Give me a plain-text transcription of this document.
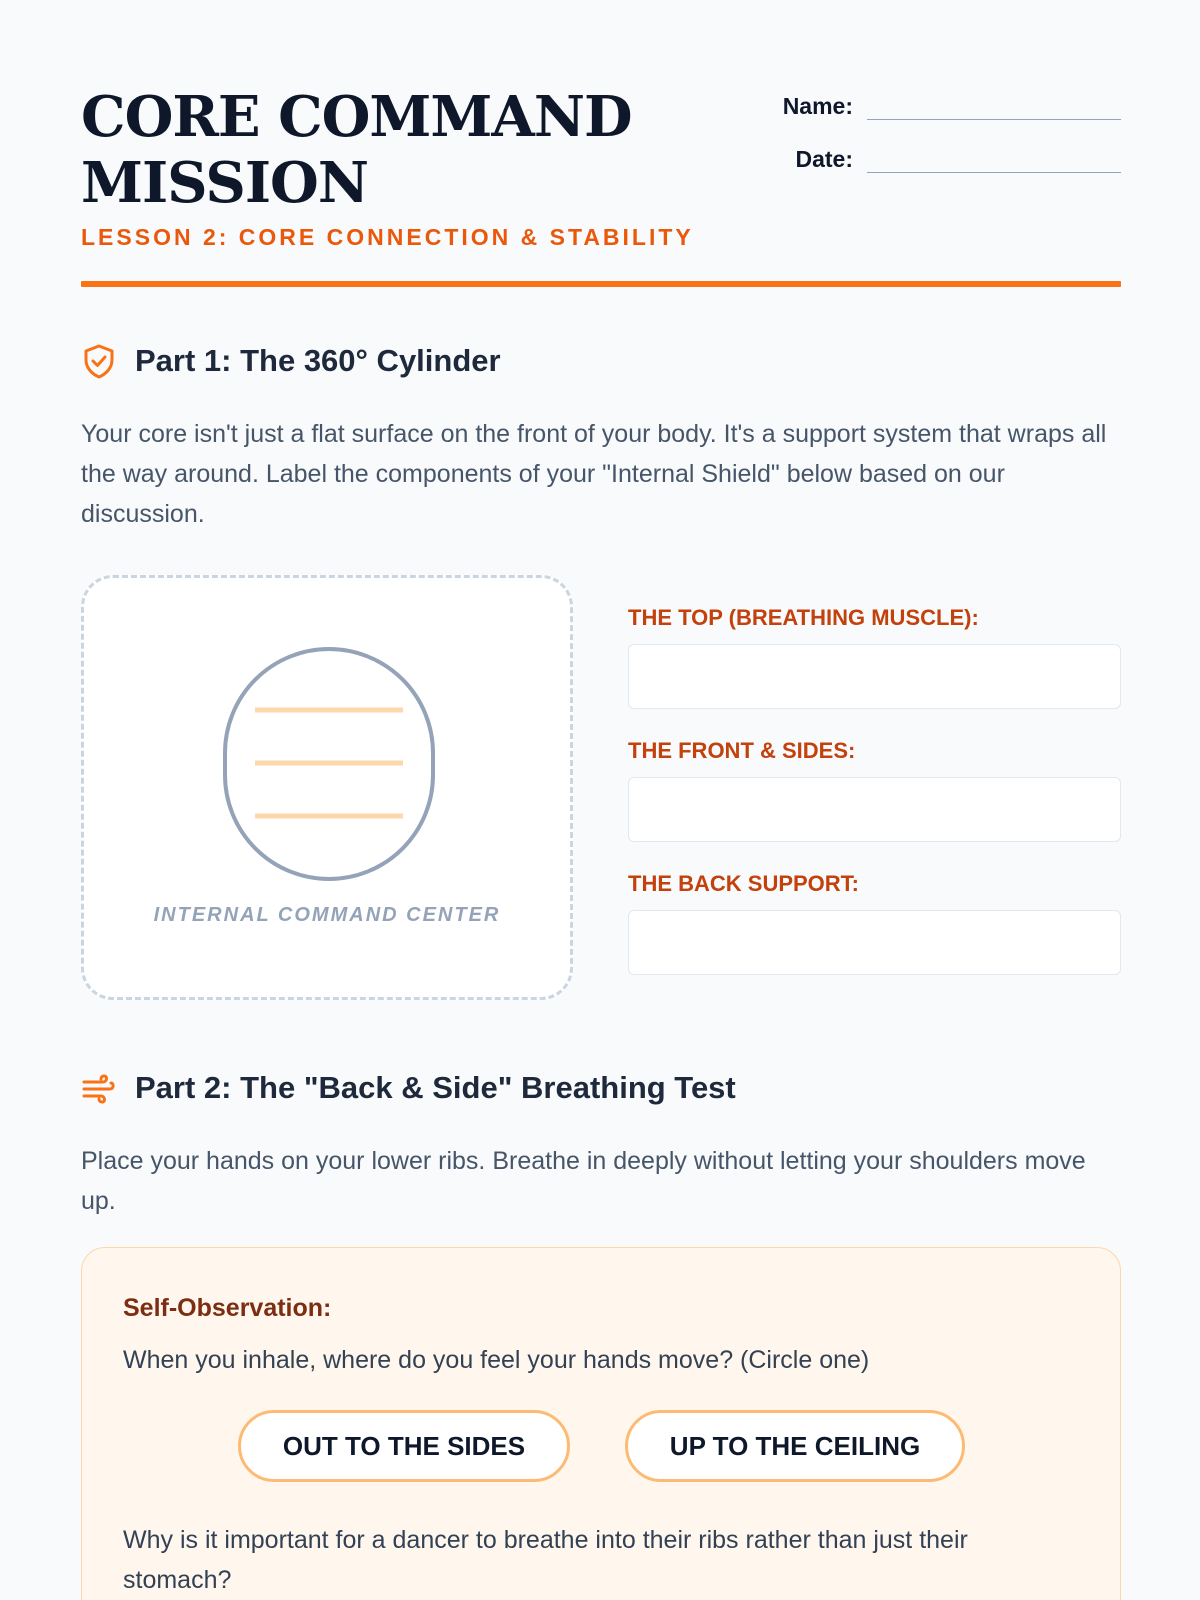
CORE COMMAND
MISSION
LESSON 2: CORE CONNECTION & STABILITY
Name:
Date:
Part 1: The 360° Cylinder
Your core isn't just a flat surface on the front of your body. It's a support system that wraps all the way around. Label the components of your "Internal Shield" below based on our discussion.
INTERNAL COMMAND CENTER
THE TOP (BREATHING MUSCLE):
THE FRONT & SIDES:
THE BACK SUPPORT:
Part 2: The "Back & Side" Breathing Test
Place your hands on your lower ribs. Breathe in deeply without letting your shoulders move up.
Self-Observation:
When you inhale, where do you feel your hands move? (Circle one)
OUT TO THE SIDES	UP TO THE CEILING
Why is it important for a dancer to breathe into their ribs rather than just their stomach?
